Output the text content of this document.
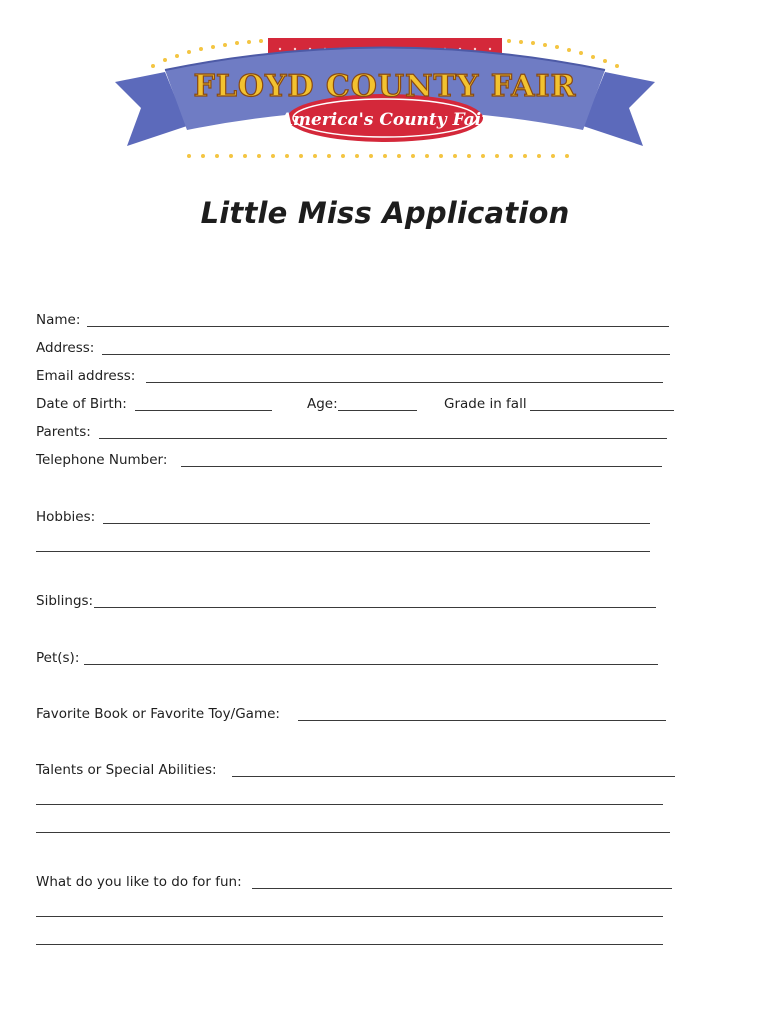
FLOYD COUNTY FAIR
America's County Fair
Little Miss Application
Name:
Address:
Email address:
Date of Birth:	Age:	Grade in fall
Parents:
Telephone Number:
Hobbies:
Siblings:
Pet(s):
Favorite Book or Favorite Toy/Game:
Talents or Special Abilities:
What do you like to do for fun:
